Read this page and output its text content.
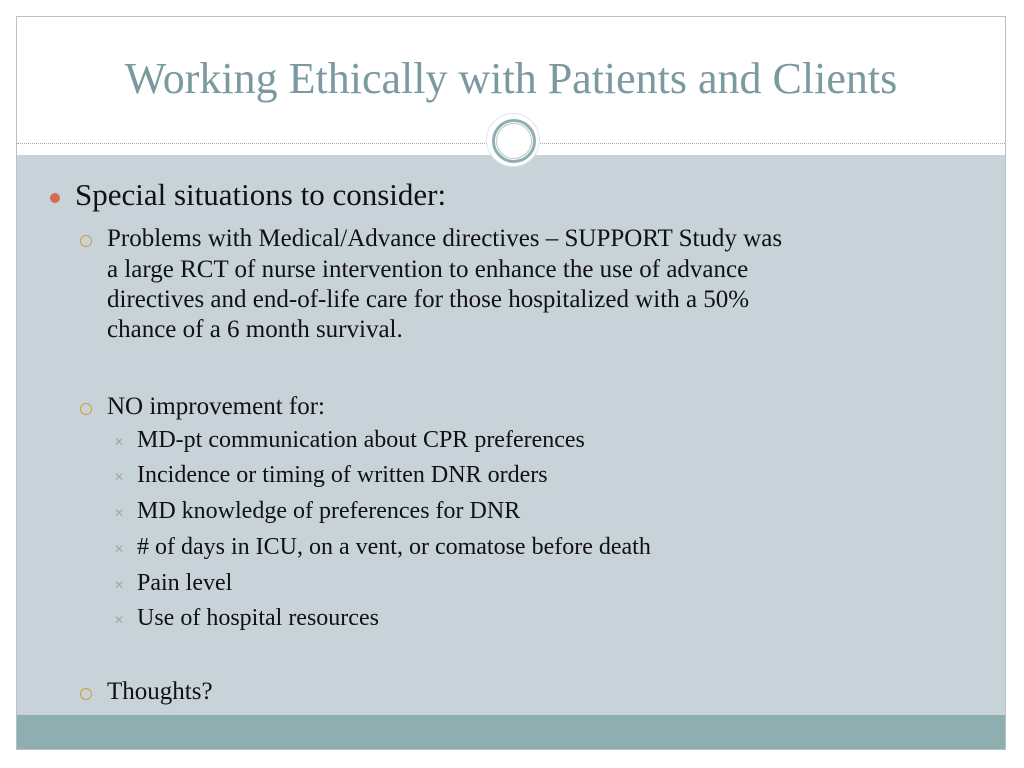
Working Ethically with Patients and Clients
Special situations to consider:
Problems with Medical/Advance directives – SUPPORT Study was
a large RCT of nurse intervention to enhance the use of advance
directives and end-of-life care for those hospitalized with a 50%
chance of a 6 month survival.
NO improvement for:
✕ MD-pt communication about CPR preferences
✕ Incidence or timing of written DNR orders
✕ MD knowledge of preferences for DNR
✕ # of days in ICU, on a vent, or comatose before death
✕ Pain level
✕ Use of hospital resources
Thoughts?
